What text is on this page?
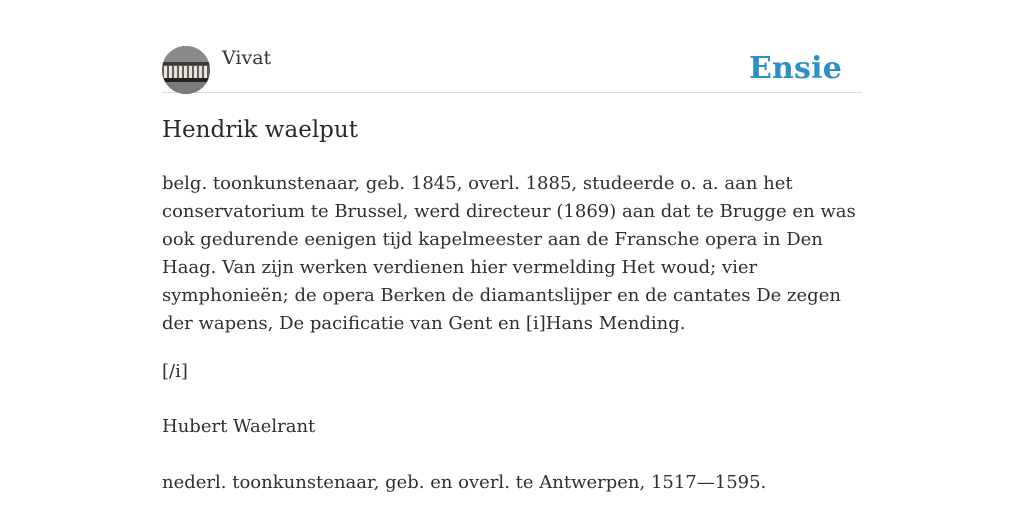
Vivat	Ensie
Hendrik waelput

belg. toonkunstenaar, geb. 1845, overl. 1885, studeerde o. a. aan het conservatorium te Brussel, werd directeur (1869) aan dat te Brugge en was ook gedurende eenigen tijd kapelmeester aan de Fransche opera in Den Haag. Van zijn werken verdienen hier vermelding Het woud; vier symphonieën; de opera Berken de diamantslijper en de cantates De zegen der wapens, De pacificatie van Gent en [i]Hans Mending.

[/i]

Hubert Waelrant

nederl. toonkunstenaar, geb. en overl. te Antwerpen, 1517—1595.
